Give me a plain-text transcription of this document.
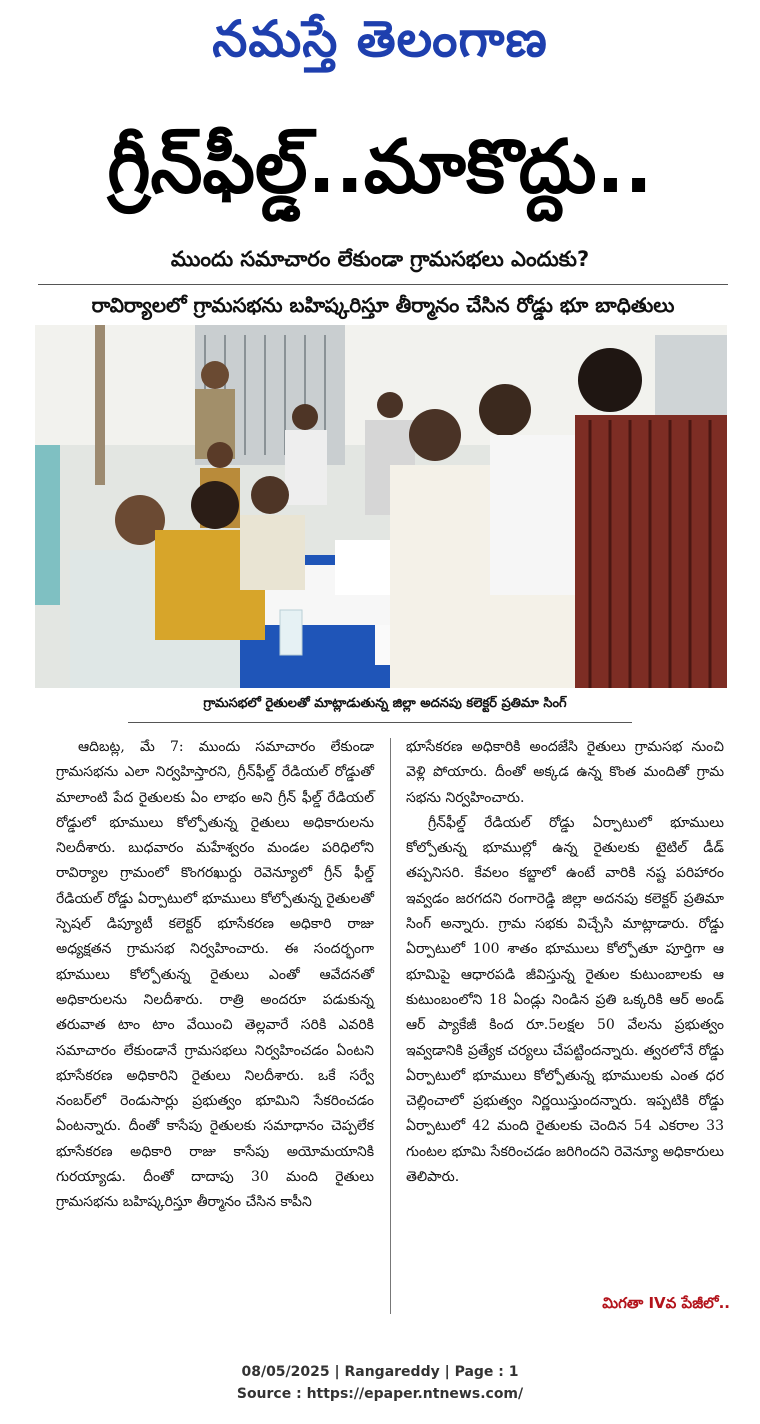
నమస్తే తెలంగాణ
గ్రీన్‌ఫీల్డ్‌..మాకొద్దు..
ముందు సమాచారం లేకుండా గ్రామసభలు ఎందుకు?
రావిర్యాలలో గ్రామసభను బహిష్కరిస్తూ తీర్మానం చేసిన రోడ్డు భూ బాధితులు
గ్రామసభలో రైతులతో మాట్లాడుతున్న జిల్లా అదనపు కలెక్టర్‌ ప్రతిమా సింగ్‌

ఆదిబట్ల, మే 7: ముందు సమాచారం లేకుండా గ్రామసభను ఎలా నిర్వహిస్తారని, గ్రీన్‌ఫీల్డ్‌ రేడియల్‌ రోడ్డుతో మాలాంటి పేద రైతులకు ఏం లాభం అని గ్రీన్‌ ఫీల్డ్‌ రేడియల్‌ రోడ్డులో భూములు కోల్పోతున్న రైతులు అధికారులను నిలదీశారు. బుధవారం మహేశ్వరం మండల పరిధిలోని రావిర్యాల గ్రామంలో కొంగరఖుర్దు రెవెన్యూలో గ్రీన్‌ ఫీల్డ్‌ రేడియల్‌ రోడ్డు ఏర్పాటులో భూములు కోల్పోతున్న రైతులతో స్పెషల్‌ డిప్యూటీ కలెక్టర్‌ భూసేకరణ అధికారి రాజు అధ్యక్షతన గ్రామసభ నిర్వహించారు. ఈ సందర్భంగా భూములు కోల్పోతున్న రైతులు ఎంతో ఆవేదనతో అధికారులను నిలదీశారు. రాత్రి అందరూ పడుకున్న తరువాత టాం టాం వేయించి తెల్లవారే సరికి ఎవరికి సమాచారం లేకుండానే గ్రామసభలు నిర్వహించడం ఏంటని భూసేకరణ అధికారిని రైతులు నిలదీశారు. ఒకే సర్వే నంబర్‌లో రెండుసార్లు ప్రభుత్వం భూమిని సేకరించడం ఏంటన్నారు. దీంతో కాసేపు రైతులకు సమాధానం చెప్పలేక భూసేకరణ అధికారి రాజు కాసేపు అయోమయానికి గురయ్యాడు. దీంతో దాదాపు 30 మంది రైతులు గ్రామసభను బహిష్కరిస్తూ తీర్మానం చేసిన కాపీని

భూసేకరణ అధికారికి అందజేసి రైతులు గ్రామసభ నుంచి వెళ్లి పోయారు. దీంతో అక్కడ ఉన్న కొంత మందితో గ్రామ సభను నిర్వహించారు.

గ్రీన్‌ఫీల్డ్‌ రేడియల్‌ రోడ్డు ఏర్పాటులో భూములు కోల్పోతున్న భూముల్లో ఉన్న రైతులకు టైటిల్‌ డీడ్‌ తప్పనిసరి. కేవలం కబ్జాలో ఉంటే వారికి నష్ట పరిహారం ఇవ్వడం జరగదని రంగారెడ్డి జిల్లా అదనపు కలెక్టర్‌ ప్రతిమా సింగ్‌ అన్నారు. గ్రామ సభకు విచ్చేసి మాట్లాడారు. రోడ్డు ఏర్పాటులో 100 శాతం భూములు కోల్పోతూ పూర్తిగా ఆ భూమిపై ఆధారపడి జీవిస్తున్న రైతుల కుటుంబాలకు ఆ కుటుంబంలోని 18 ఏండ్లు నిండిన ప్రతి ఒక్కరికి ఆర్‌ అండ్‌ ఆర్‌ ప్యాకేజీ కింద రూ.5లక్షల 50 వేలను ప్రభుత్వం ఇవ్వడానికి ప్రత్యేక చర్యలు చేపట్టిందన్నారు. త్వరలోనే రోడ్డు ఏర్పాటులో భూములు కోల్పోతున్న భూములకు ఎంత ధర చెల్లించాలో ప్రభుత్వం నిర్ణయిస్తుందన్నారు. ఇప్పటికి రోడ్డు ఏర్పాటులో 42 మంది రైతులకు చెందిన 54 ఎకరాల 33 గుంటల భూమి సేకరించడం జరిగిందని రెవెన్యూ అధికారులు తెలిపారు.

మిగతా IVవ పేజీలో..
08/05/2025 | Rangareddy | Page : 1
Source : https://epaper.ntnews.com/
